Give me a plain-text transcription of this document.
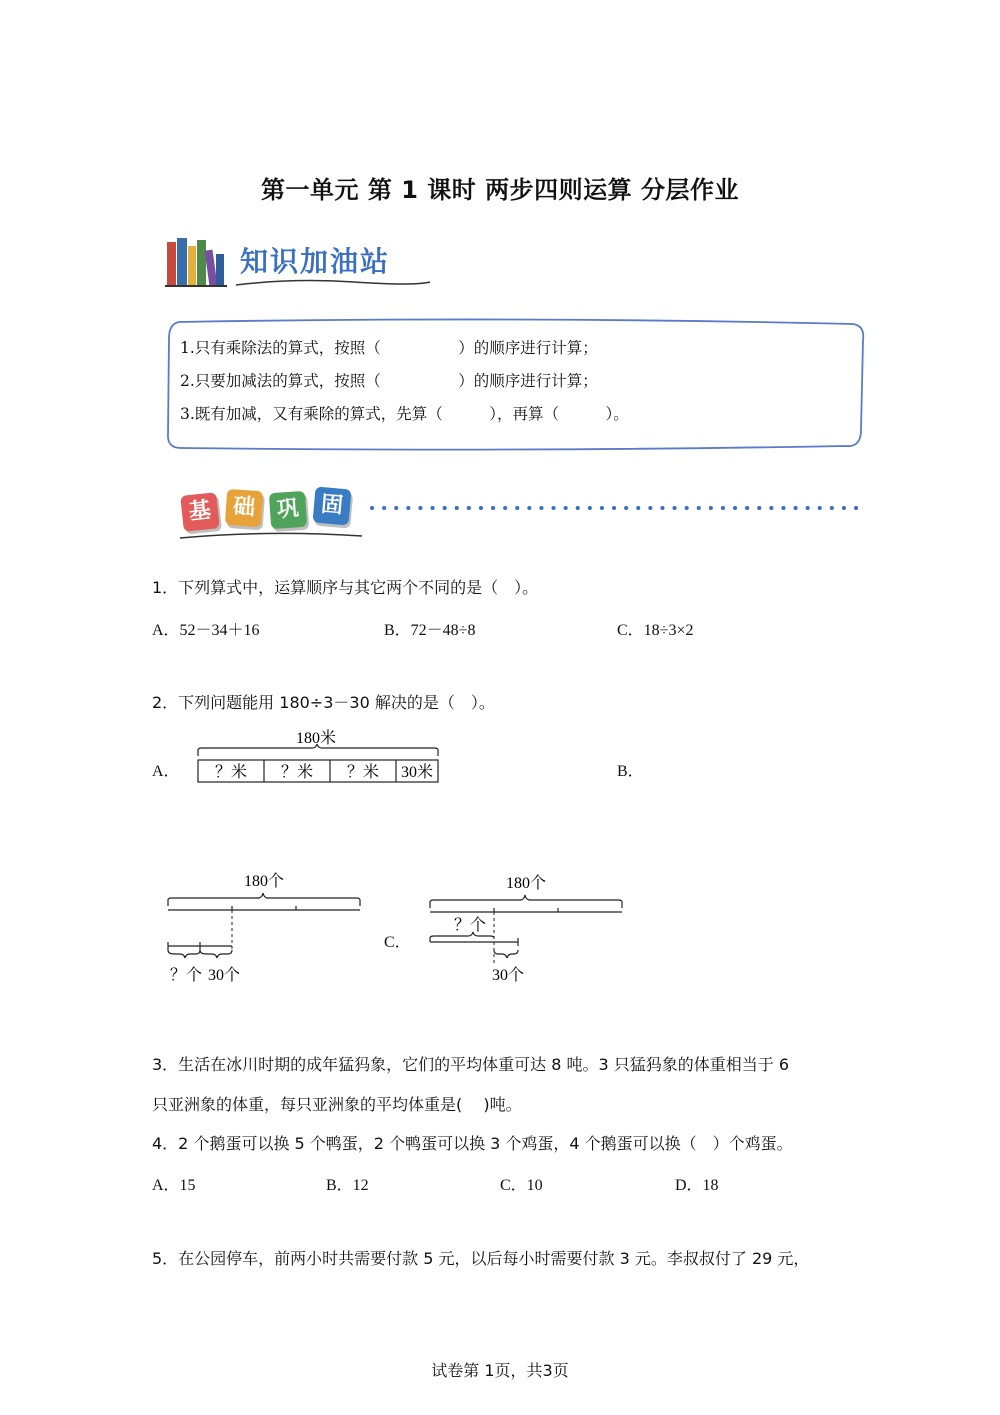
第一单元 第 1 课时 两步四则运算 分层作业
知识加油站
1.只有乘除法的算式，按照（　　　　　）的顺序进行计算；
2.只要加减法的算式，按照（　　　　　）的顺序进行计算；
3.既有加减，又有乘除的算式，先算（　　　），再算（　　　）。
基 础 巩 固
1．下列算式中，运算顺序与其它两个不同的是（　）。
A．52－34＋16	B．72－48÷8	C．18÷3×2
2．下列问题能用 180÷3－30 解决的是（　）。
A．	B．
180米
？米 ？米 ？米 30米
180个
？个 30个
C．
180个
？个
30个
3．生活在冰川时期的成年猛犸象，它们的平均体重可达 8 吨。3 只猛犸象的体重相当于 6
只亚洲象的体重，每只亚洲象的平均体重是(　 )吨。
4．2 个鹅蛋可以换 5 个鸭蛋，2 个鸭蛋可以换 3 个鸡蛋，4 个鹅蛋可以换（　）个鸡蛋。
A．15	B．12	C．10	D．18
5．在公园停车，前两小时共需要付款 5 元，以后每小时需要付款 3 元。李叔叔付了 29 元，
试卷第 1页，共3页
